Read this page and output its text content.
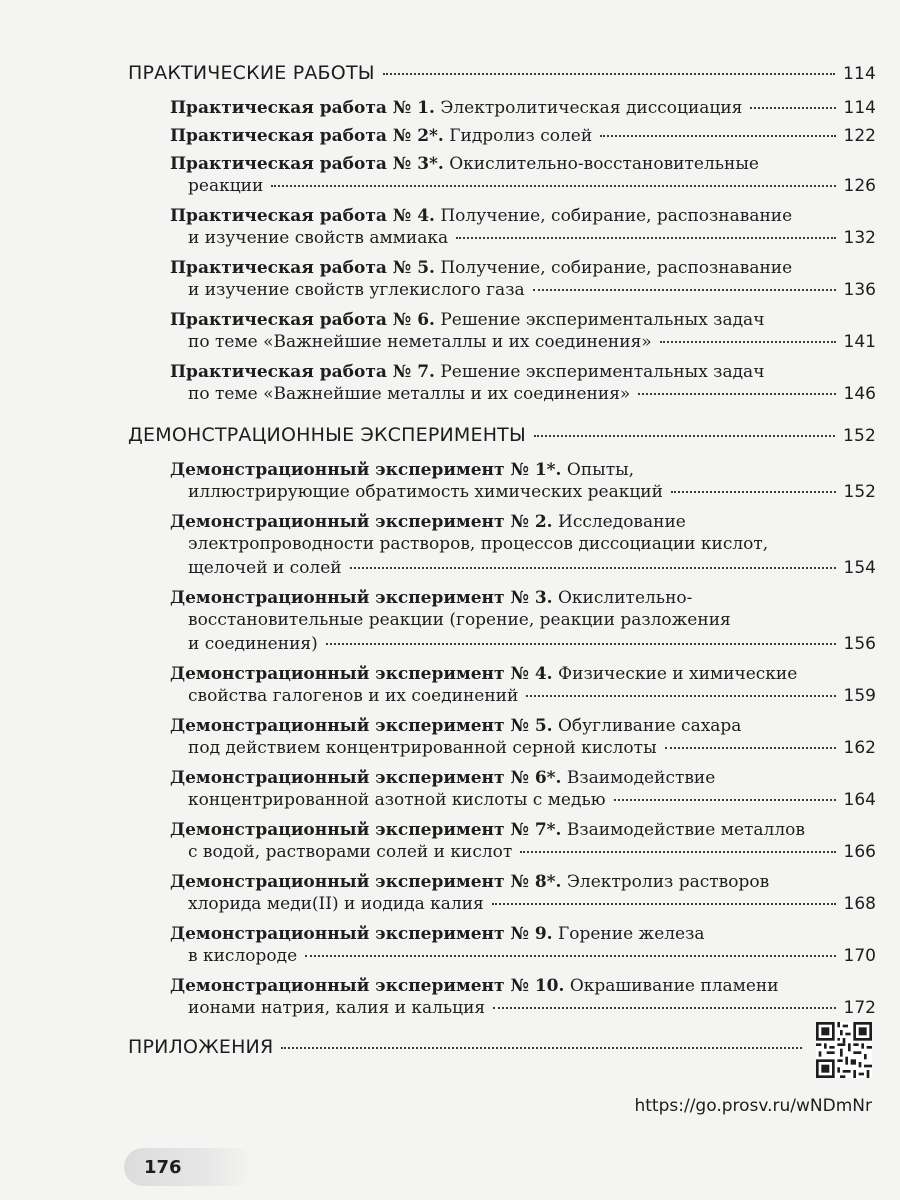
ПРАКТИЧЕСКИЕ РАБОТЫ	114
Практическая работа № 1. Электролитическая диссоциация	114
Практическая работа № 2*. Гидролиз солей	122
Практическая работа № 3*. Окислительно-восстановительные
реакции	126
Практическая работа № 4. Получение, собирание, распознавание
и изучение свойств аммиака	132
Практическая работа № 5. Получение, собирание, распознавание
и изучение свойств углекислого газа	136
Практическая работа № 6. Решение экспериментальных задач
по теме «Важнейшие неметаллы и их соединения»	141
Практическая работа № 7. Решение экспериментальных задач
по теме «Важнейшие металлы и их соединения»	146
ДЕМОНСТРАЦИОННЫЕ ЭКСПЕРИМЕНТЫ	152
Демонстрационный эксперимент № 1*. Опыты,
иллюстрирующие обратимость химических реакций	152
Демонстрационный эксперимент № 2. Исследование
электропроводности растворов, процессов диссоциации кислот,
щелочей и солей	154
Демонстрационный эксперимент № 3. Окислительно-
восстановительные реакции (горение, реакции разложения
и соединения)	156
Демонстрационный эксперимент № 4. Физические и химические
свойства галогенов и их соединений	159
Демонстрационный эксперимент № 5. Обугливание сахара
под действием концентрированной серной кислоты	162
Демонстрационный эксперимент № 6*. Взаимодействие
концентрированной азотной кислоты с медью	164
Демонстрационный эксперимент № 7*. Взаимодействие металлов
с водой, растворами солей и кислот	166
Демонстрационный эксперимент № 8*. Электролиз растворов
хлорида меди(II) и иодида калия	168
Демонстрационный эксперимент № 9. Горение железа
в кислороде	170
Демонстрационный эксперимент № 10. Окрашивание пламени
ионами натрия, калия и кальция	172
ПРИЛОЖЕНИЯ
https://go.prosv.ru/wNDmNr
176
